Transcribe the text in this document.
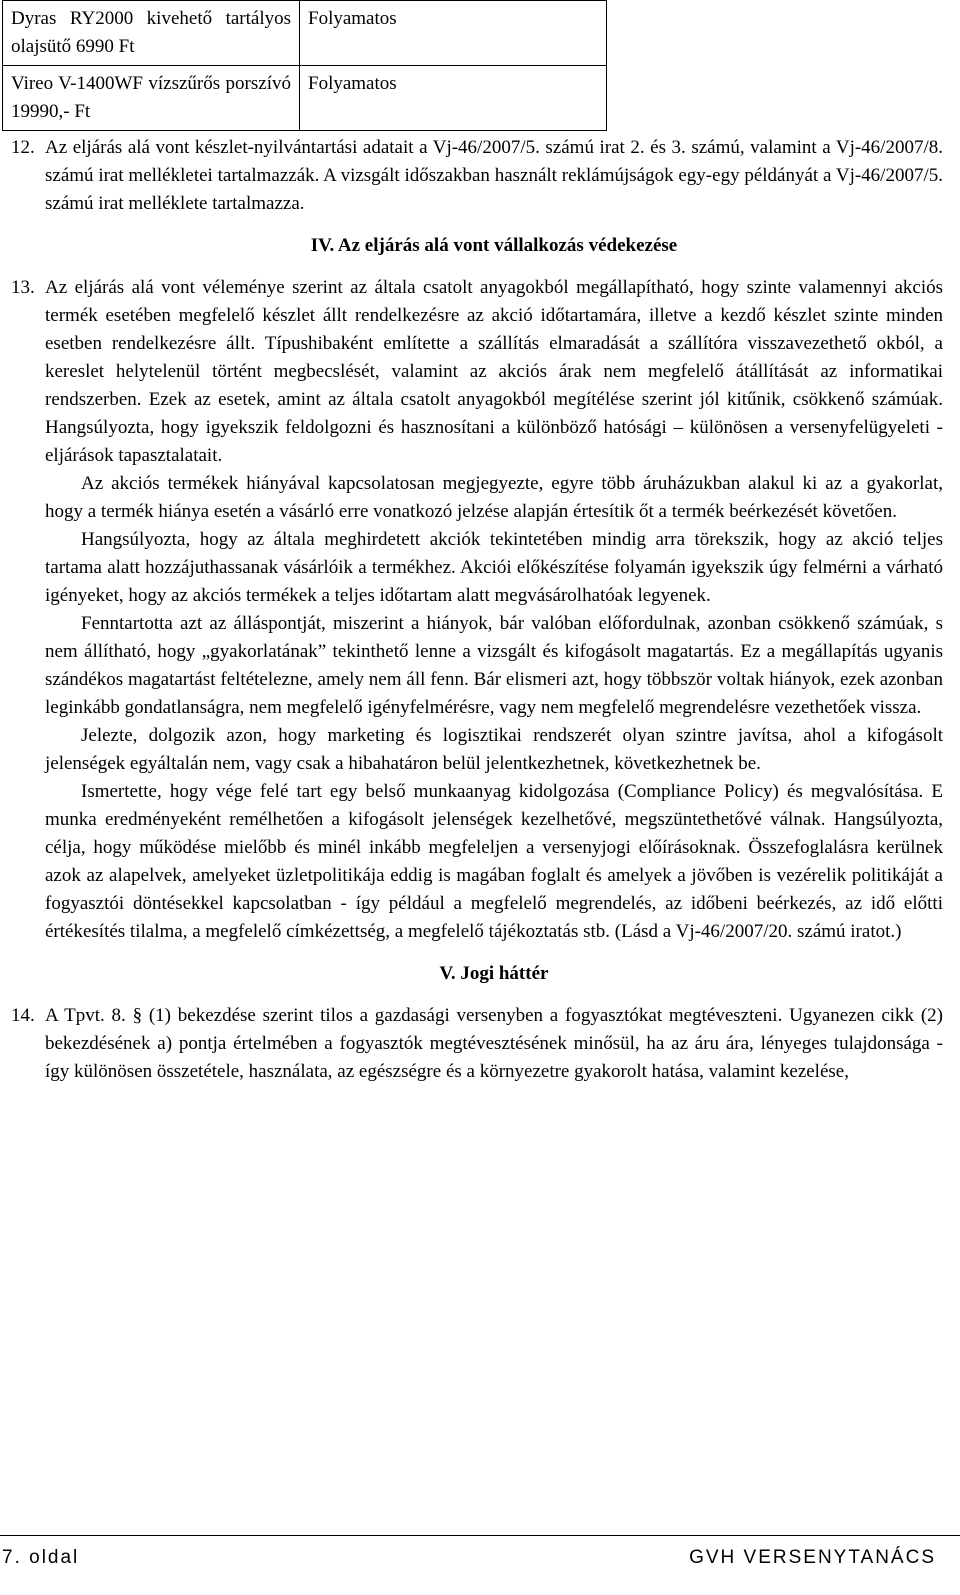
Dyras RY2000 kivehető tartályos olajsütő 6990 Ft	Folyamatos
Vireo V-1400WF vízszűrős porszívó 19990,- Ft	Folyamatos

12. Az eljárás alá vont készlet-nyilvántartási adatait a Vj-46/2007/5. számú irat 2. és 3. számú, valamint a Vj-46/2007/8. számú irat mellékletei tartalmazzák. A vizsgált időszakban használt reklámújságok egy-egy példányát a Vj-46/2007/5. számú irat melléklete tartalmazza.

IV. Az eljárás alá vont vállalkozás védekezése

13. Az eljárás alá vont véleménye szerint az általa csatolt anyagokból megállapítható, hogy szinte valamennyi akciós termék esetében megfelelő készlet állt rendelkezésre az akció időtartamára, illetve a kezdő készlet szinte minden esetben rendelkezésre állt. Típushibaként említette a szállítás elmaradását a szállítóra visszavezethető okból, a kereslet helytelenül történt megbecslését, valamint az akciós árak nem megfelelő átállítását az informatikai rendszerben. Ezek az esetek, amint az általa csatolt anyagokból megítélése szerint jól kitűnik, csökkenő számúak. Hangsúlyozta, hogy igyekszik feldolgozni és hasznosítani a különböző hatósági – különösen a versenyfelügyeleti - eljárások tapasztalatait.

Az akciós termékek hiányával kapcsolatosan megjegyezte, egyre több áruházukban alakul ki az a gyakorlat, hogy a termék hiánya esetén a vásárló erre vonatkozó jelzése alapján értesítik őt a termék beérkezését követően.

Hangsúlyozta, hogy az általa meghirdetett akciók tekintetében mindig arra törekszik, hogy az akció teljes tartama alatt hozzájuthassanak vásárlóik a termékhez. Akciói előkészítése folyamán igyekszik úgy felmérni a várható igényeket, hogy az akciós termékek a teljes időtartam alatt megvásárolhatóak legyenek.

Fenntartotta azt az álláspontját, miszerint a hiányok, bár valóban előfordulnak, azonban csökkenő számúak, s nem állítható, hogy „gyakorlatának” tekinthető lenne a vizsgált és kifogásolt magatartás. Ez a megállapítás ugyanis szándékos magatartást feltételezne, amely nem áll fenn. Bár elismeri azt, hogy többször voltak hiányok, ezek azonban leginkább gondatlanságra, nem megfelelő igényfelmérésre, vagy nem megfelelő megrendelésre vezethetőek vissza.

Jelezte, dolgozik azon, hogy marketing és logisztikai rendszerét olyan szintre javítsa, ahol a kifogásolt jelenségek egyáltalán nem, vagy csak a hibahatáron belül jelentkezhetnek, következhetnek be.

Ismertette, hogy vége felé tart egy belső munkaanyag kidolgozása (Compliance Policy) és megvalósítása. E munka eredményeként remélhetően a kifogásolt jelenségek kezelhetővé, megszüntethetővé válnak. Hangsúlyozta, célja, hogy működése mielőbb és minél inkább megfeleljen a versenyjogi előírásoknak. Összefoglalásra kerülnek azok az alapelvek, amelyeket üzletpolitikája eddig is magában foglalt és amelyek a jövőben is vezérelik politikáját a fogyasztói döntésekkel kapcsolatban - így például a megfelelő megrendelés, az időbeni beérkezés, az idő előtti értékesítés tilalma, a megfelelő címkézettség, a megfelelő tájékoztatás stb. (Lásd a Vj-46/2007/20. számú iratot.)

V. Jogi háttér

14. A Tpvt. 8. § (1) bekezdése szerint tilos a gazdasági versenyben a fogyasztókat megtéveszteni. Ugyanezen cikk (2) bekezdésének a) pontja értelmében a fogyasztók megtévesztésének minősül, ha az áru ára, lényeges tulajdonsága - így különösen összetétele, használata, az egészségre és a környezetre gyakorolt hatása, valamint kezelése,

7. oldal	GVH VERSENYTANÁCS
